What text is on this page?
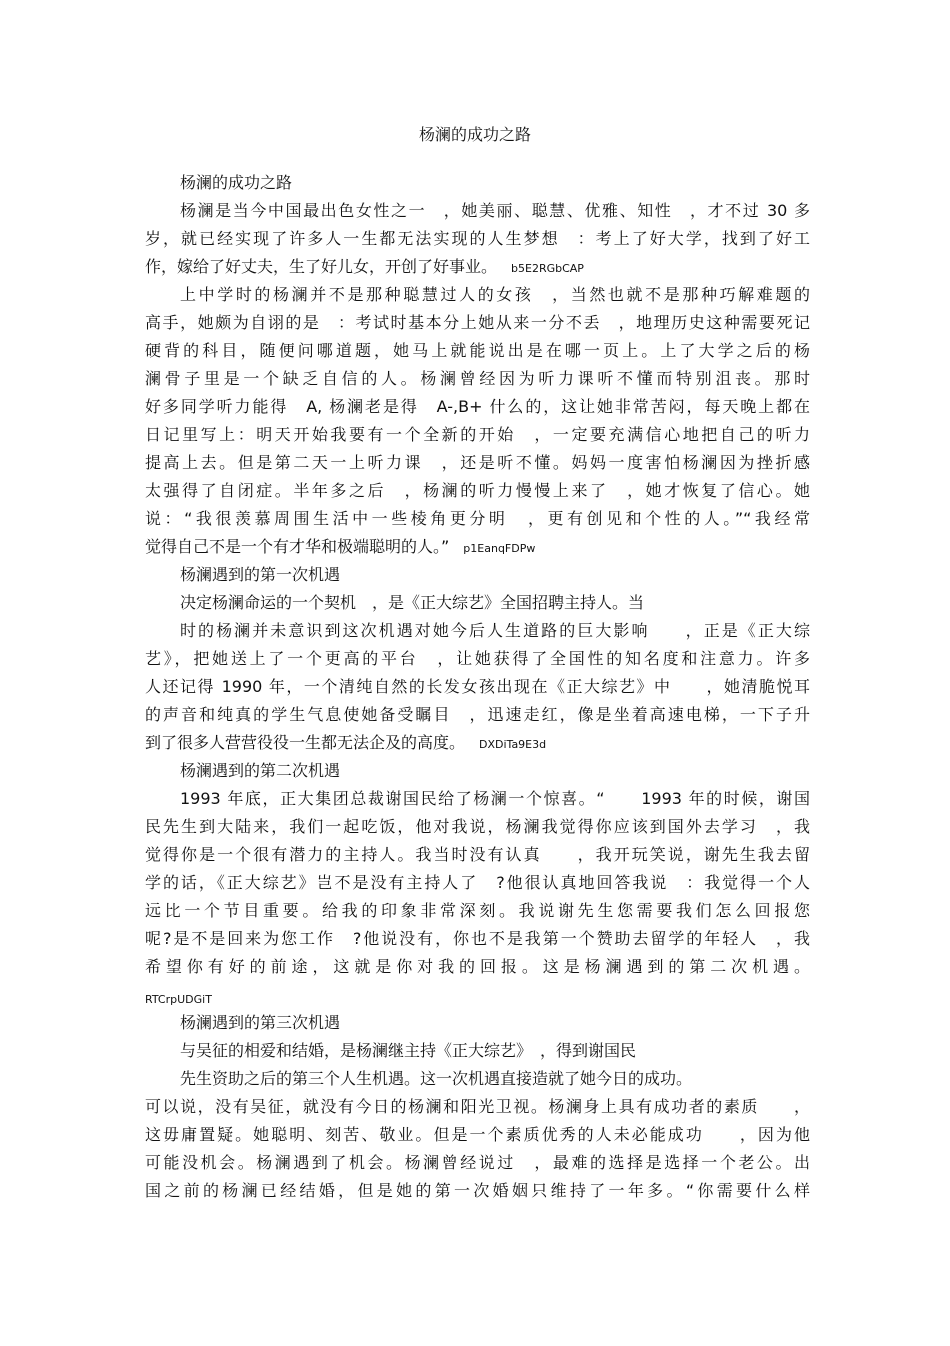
杨澜的成功之路
杨澜的成功之路
杨澜是当今中国最出色女性之一　，她美丽、聪慧、优雅、知性　，才不过 30 多
岁，就已经实现了许多人一生都无法实现的人生梦想　：考上了好大学，找到了好工
作，嫁给了好丈夫，生了好儿女，开创了好事业。 b5E2RGbCAP
上中学时的杨澜并不是那种聪慧过人的女孩　，当然也就不是那种巧解难题的
高手，她颇为自诩的是　：考试时基本分上她从来一分不丢　，地理历史这种需要死记
硬背的科目，随便问哪道题，她马上就能说出是在哪一页上。上了大学之后的杨
澜骨子里是一个缺乏自信的人。杨澜曾经因为听力课听不懂而特别沮丧。那时
好多同学听力能得　A, 杨澜老是得　A-,B+ 什么的，这让她非常苦闷，每天晚上都在
日记里写上：明天开始我要有一个全新的开始　，一定要充满信心地把自己的听力
提高上去。但是第二天一上听力课　，还是听不懂。妈妈一度害怕杨澜因为挫折感
太强得了自闭症。半年多之后　，杨澜的听力慢慢上来了　，她才恢复了信心。她
说：“我很羡慕周围生活中一些棱角更分明　，更有创见和个性的人。”“我经常
觉得自己不是一个有才华和极端聪明的人。” p1EanqFDPw
杨澜遇到的第一次机遇
决定杨澜命运的一个契机　，是《正大综艺》全国招聘主持人。当
时的杨澜并未意识到这次机遇对她今后人生道路的巨大影响　　，正是《正大综
艺》，把她送上了一个更高的平台　，让她获得了全国性的知名度和注意力。许多
人还记得 1990 年，一个清纯自然的长发女孩出现在《正大综艺》中　　，她清脆悦耳
的声音和纯真的学生气息使她备受瞩目　，迅速走红，像是坐着高速电梯，一下子升
到了很多人营营役役一生都无法企及的高度。 DXDiTa9E3d
杨澜遇到的第二次机遇
1993 年底，正大集团总裁谢国民给了杨澜一个惊喜。“　　1993 年的时候，谢国
民先生到大陆来，我们一起吃饭，他对我说，杨澜我觉得你应该到国外去学习　，我
觉得你是一个很有潜力的主持人。我当时没有认真　　，我开玩笑说，谢先生我去留
学的话，《正大综艺》岂不是没有主持人了　?他很认真地回答我说　：我觉得一个人
远比一个节目重要。给我的印象非常深刻。我说谢先生您需要我们怎么回报您
呢?是不是回来为您工作　?他说没有，你也不是我第一个赞助去留学的年轻人　，我
希望你有好的前途，这就是你对我的回报。这是杨澜遇到的第二次机遇。
RTCrpUDGiT
杨澜遇到的第三次机遇
与吴征的相爱和结婚，是杨澜继主持《正大综艺》　，得到谢国民
先生资助之后的第三个人生机遇。这一次机遇直接造就了她今日的成功。
可以说，没有吴征，就没有今日的杨澜和阳光卫视。杨澜身上具有成功者的素质　　，
这毋庸置疑。她聪明、刻苦、敬业。但是一个素质优秀的人未必能成功　　，因为他
可能没机会。杨澜遇到了机会。杨澜曾经说过　，最难的选择是选择一个老公。出
国之前的杨澜已经结婚，但是她的第一次婚姻只维持了一年多。“你需要什么样
